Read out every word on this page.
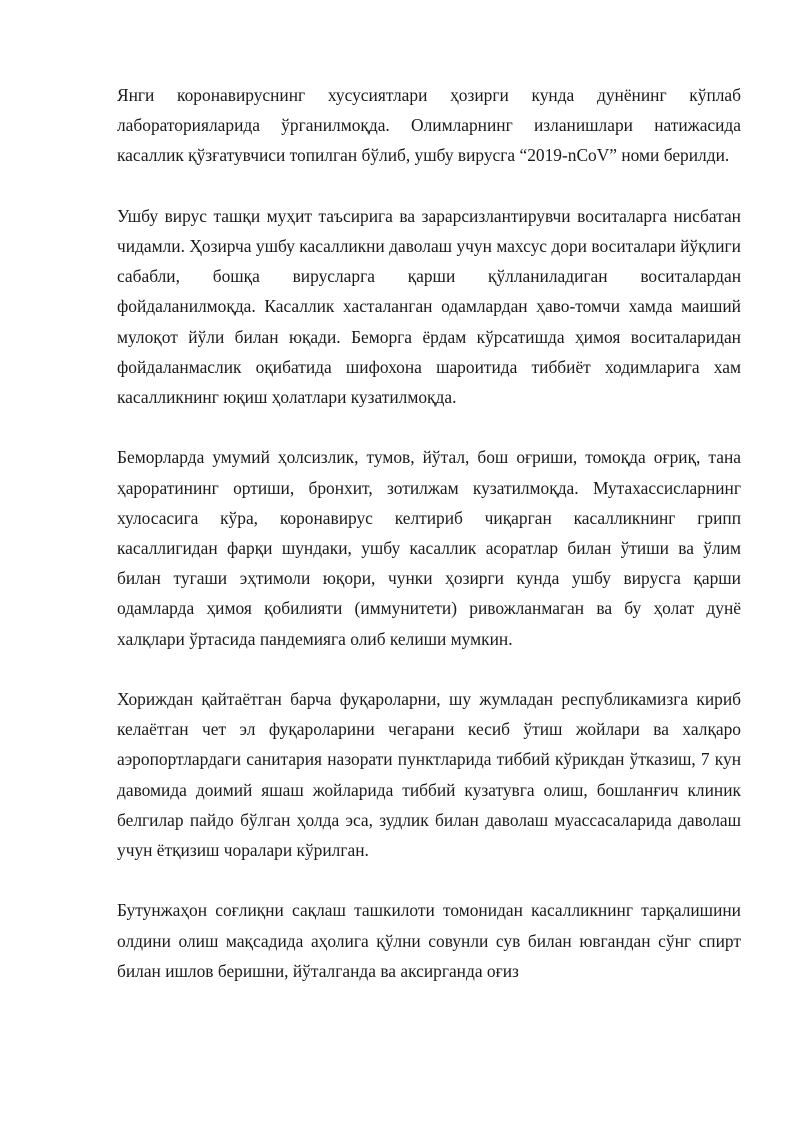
Янги коронавируснинг хусусиятлари ҳозирги кунда дунёнинг кўплаб лабораторияларида ўрганилмоқда. Олимларнинг изланишлари натижасида касаллик қўзғатувчиси топилган бўлиб, ушбу вирусга “2019-nCoV” номи берилди.

Ушбу вирус ташқи муҳит таъсирига ва зарарсизлантирувчи воситаларга нисбатан чидамли. Ҳозирча ушбу касалликни даволаш учун махсус дори воситалари йўқлиги сабабли, бошқа вирусларга қарши қўлланиладиган воситалардан фойдаланилмоқда. Касаллик хасталанган одамлардан ҳаво-томчи хамда маиший мулоқот йўли билан юқади. Беморга ёрдам кўрсатишда ҳимоя воситаларидан фойдаланмаслик оқибатида шифохона шароитида тиббиёт ходимларига хам касалликнинг юқиш ҳолатлари кузатилмоқда.

Беморларда умумий ҳолсизлик, тумов, йўтал, бош оғриши, томоқда оғриқ, тана ҳароратининг ортиши, бронхит, зотилжам кузатилмоқда. Мутахассисларнинг хулосасига кўра, коронавирус келтириб чиқарган касалликнинг грипп касаллигидан фарқи шундаки, ушбу касаллик асоратлар билан ўтиши ва ўлим билан тугаши эҳтимоли юқори, чунки ҳозирги кунда ушбу вирусга қарши одамларда ҳимоя қобилияти (иммунитети) ривожланмаган ва бу ҳолат дунё халқлари ўртасида пандемияга олиб келиши мумкин.

Хориждан қайтаётган барча фуқароларни, шу жумладан республикамизга кириб келаётган чет эл фуқароларини чегарани кесиб ўтиш жойлари ва халқаро аэропортлардаги санитария назорати пунктларида тиббий кўрикдан ўтказиш, 7 кун давомида доимий яшаш жойларида тиббий кузатувга олиш, бошланғич клиник белгилар пайдо бўлган ҳолда эса, зудлик билан даволаш муассасаларида даволаш учун ётқизиш чоралари кўрилган.

Бутунжаҳон соғлиқни сақлаш ташкилоти томонидан касалликнинг тарқалишини олдини олиш мақсадида аҳолига қўлни совунли сув билан ювгандан сўнг спирт билан ишлов беришни, йўталганда ва аксирганда оғиз
